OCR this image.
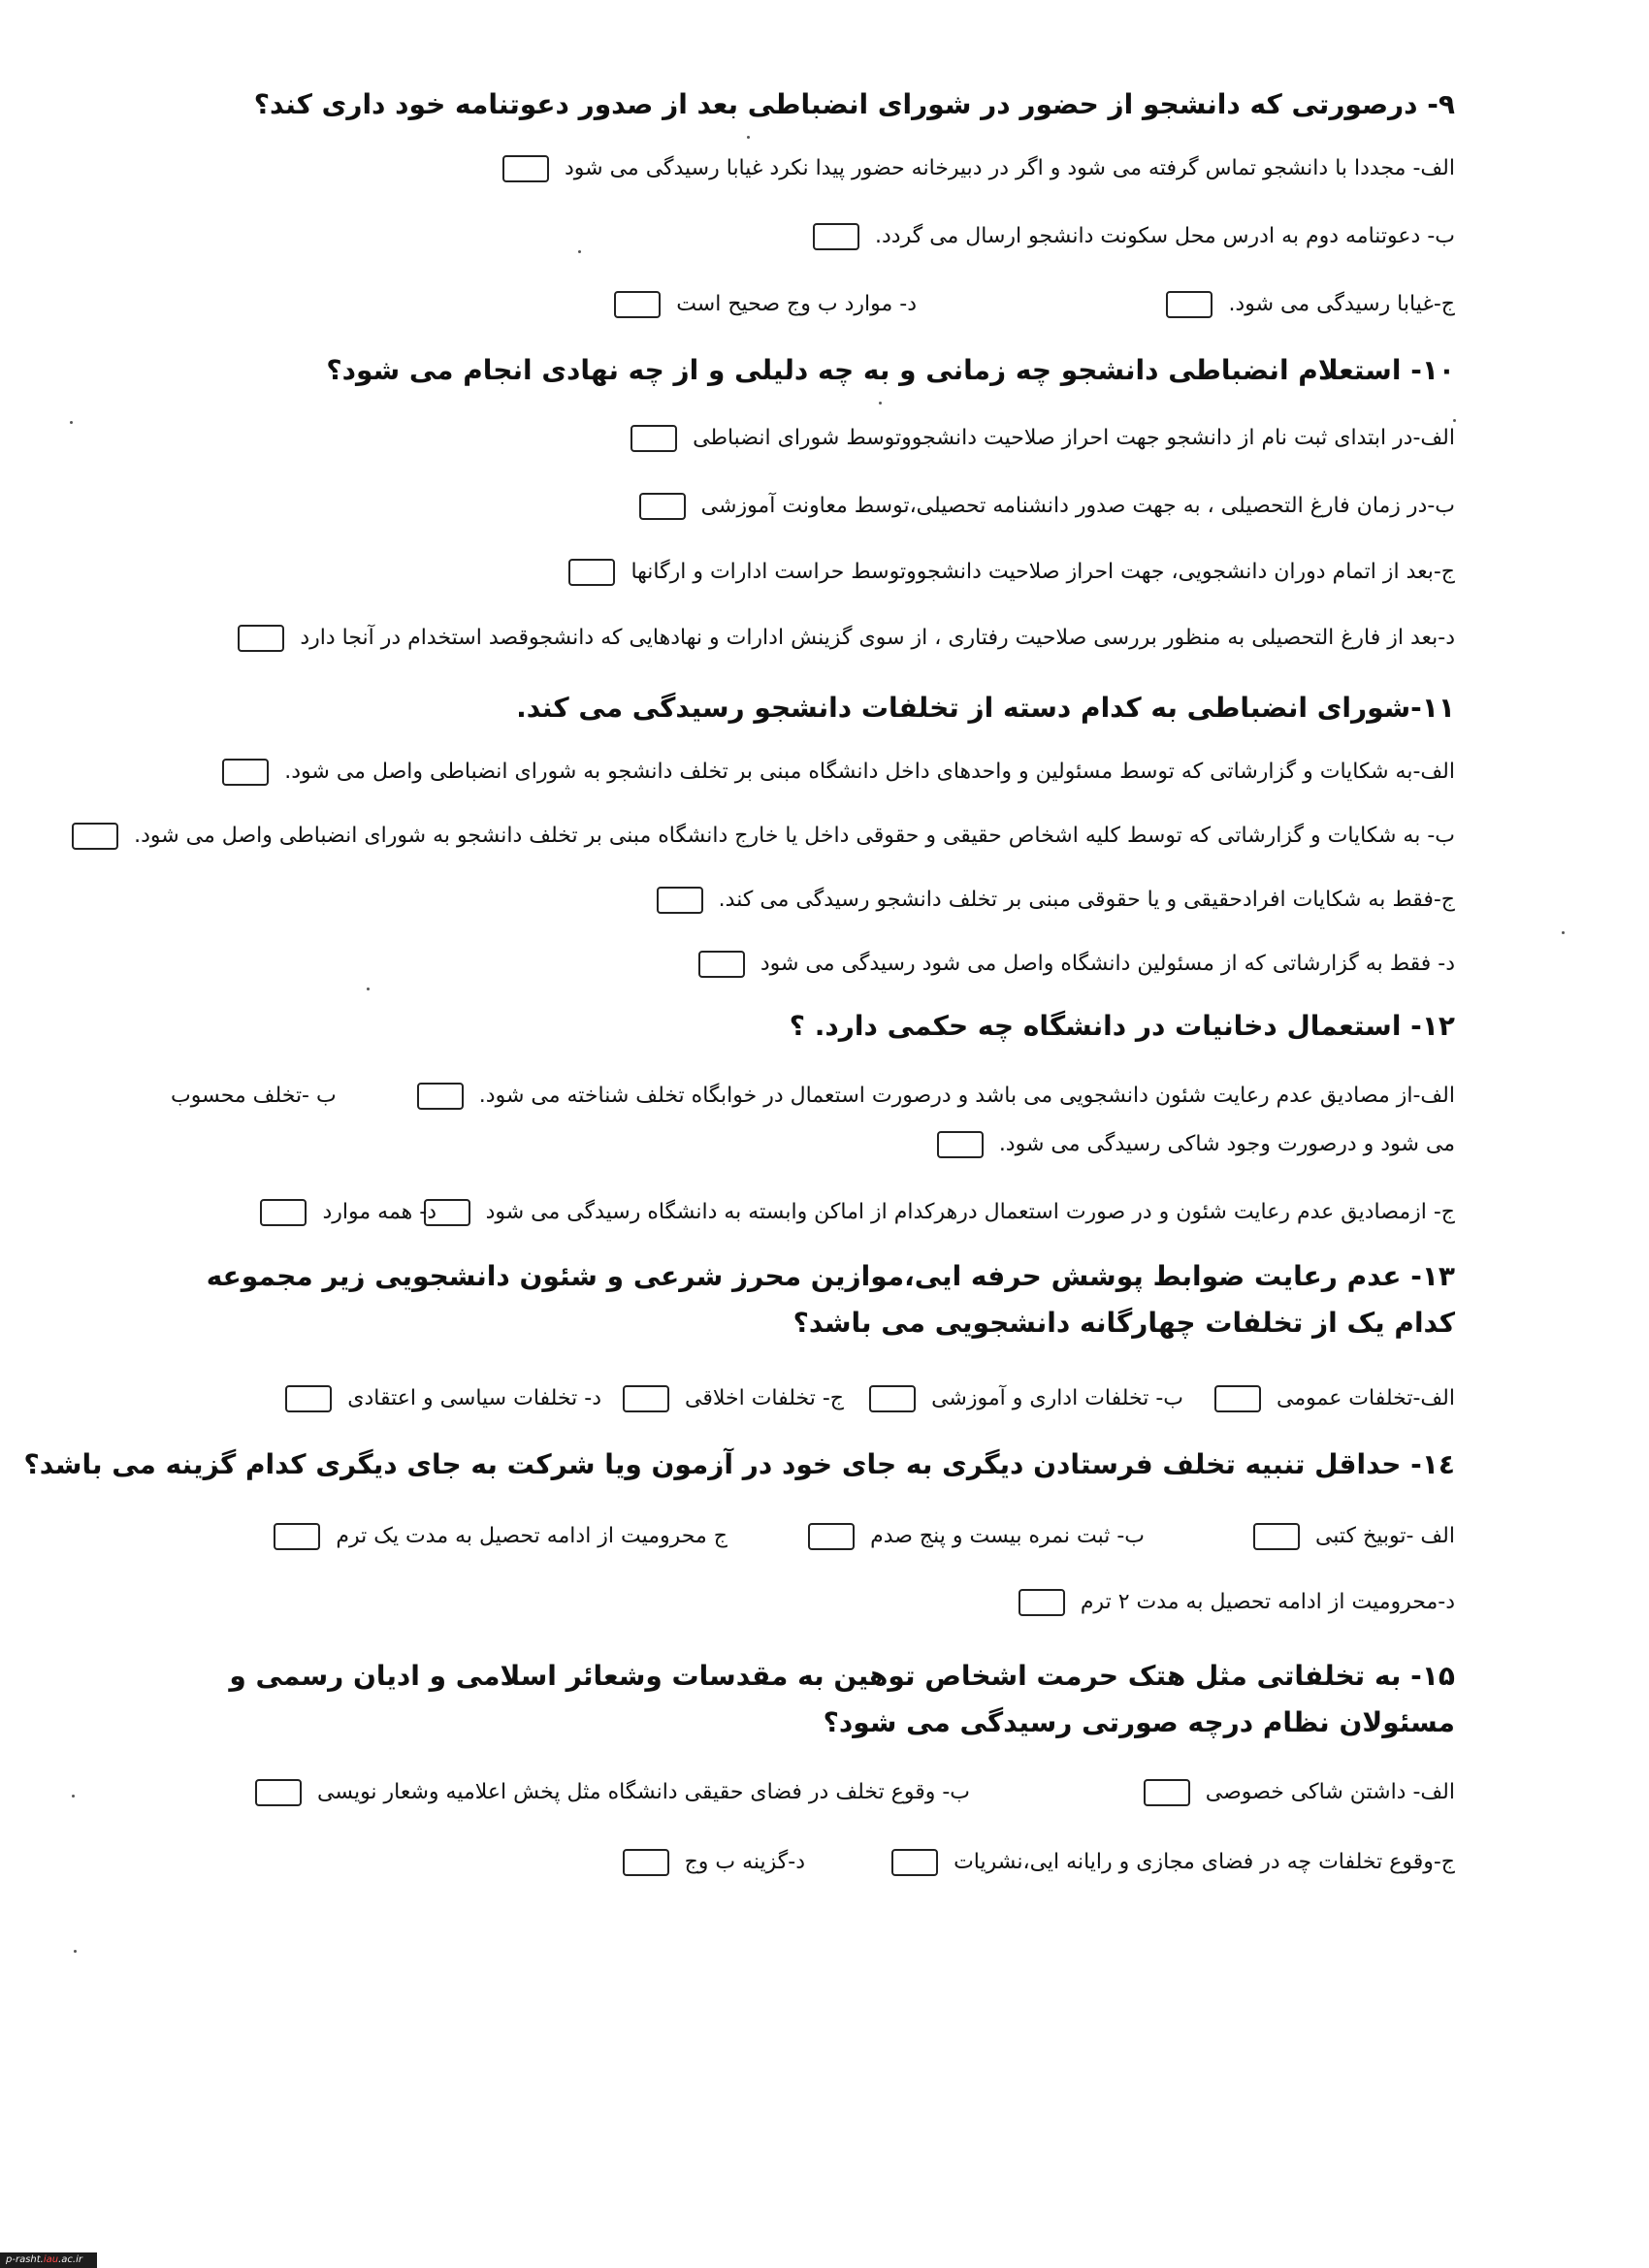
۹- درصورتی که دانشجو از حضور در شورای انضباطی بعد از صدور دعوتنامه خود داری کند؟
الف- مجددا با دانشجو تماس گرفته می شود و اگر در دبیرخانه حضور پیدا نکرد غیابا رسیدگی می شود
ب- دعوتنامه دوم به ادرس محل سکونت دانشجو ارسال می گردد.
ج-غیابا رسیدگی می شود.
د- موارد ب وج صحیح است
۱۰- استعلام انضباطی دانشجو چه زمانی و به چه دلیلی و از چه نهادی انجام می شود؟
الف-در ابتدای ثبت نام از دانشجو جهت احراز صلاحیت دانشجووتوسط شورای انضباطی
ب-در زمان فارغ التحصیلی ، به جهت صدور دانشنامه تحصیلی،توسط معاونت آموزشی
ج-بعد از اتمام دوران دانشجویی، جهت احراز صلاحیت دانشجووتوسط حراست ادارات و ارگانها
د-بعد از فارغ التحصیلی به منظور بررسی صلاحیت رفتاری ، از سوی گزینش ادارات و نهادهایی که دانشجوقصد استخدام در آنجا دارد
۱۱-شورای انضباطی به کدام دسته از تخلفات دانشجو رسیدگی می کند.
الف-به شکایات و گزارشاتی که توسط مسئولین و واحدهای داخل دانشگاه مبنی بر تخلف دانشجو به شورای انضباطی واصل می شود.
ب- به شکایات و گزارشاتی که توسط کلیه اشخاص حقیقی و حقوقی داخل یا خارج دانشگاه مبنی بر تخلف دانشجو به شورای انضباطی واصل می شود.
ج-فقط به شکایات افرادحقیقی و یا حقوقی مبنی بر تخلف دانشجو رسیدگی می کند.
د- فقط به گزارشاتی که از مسئولین دانشگاه واصل می شود رسیدگی می شود
۱۲- استعمال دخانیات در دانشگاه چه حکمی دارد. ؟
الف-از مصادیق عدم رعایت شئون دانشجویی می باشد و درصورت استعمال در خوابگاه تخلف شناخته می شود.
ب -تخلف محسوب
می شود و درصورت وجود شاکی رسیدگی می شود.
ج- ازمصادیق عدم رعایت شئون و در صورت استعمال درهرکدام از اماکن وابسته به دانشگاه رسیدگی می شود
د- همه موارد
۱۳- عدم رعایت ضوابط پوشش حرفه ایی،موازین محرز شرعی و شئون دانشجویی زیر مجموعه کدام یک از تخلفات چهارگانه دانشجویی می باشد؟
الف-تخلفات عمومی
ب- تخلفات اداری و آموزشی
ج- تخلفات اخلاقی
د- تخلفات سیاسی و اعتقادی
١٤- حداقل تنبیه تخلف فرستادن دیگری به جای خود در آزمون ویا شرکت به جای دیگری کدام گزینه می باشد؟
الف -توبیخ کتبی
ب- ثبت نمره بیست و پنج صدم
ج محرومیت از ادامه تحصیل به مدت یک ترم
د-محرومیت از ادامه تحصیل به مدت ۲ ترم
۱۵- به تخلفاتی مثل هتک حرمت اشخاص توهین به مقدسات وشعائر اسلامی و ادیان رسمی و مسئولان نظام درچه صورتی رسیدگی می شود؟
الف- داشتن شاکی خصوصی
ب- وقوع تخلف در فضای حقیقی دانشگاه مثل پخش اعلامیه وشعار نویسی
ج-وقوع تخلفات چه در فضای مجازی و رایانه ایی،نشریات
د-گزینه ب وج
p-rasht.iau.ac.ir
